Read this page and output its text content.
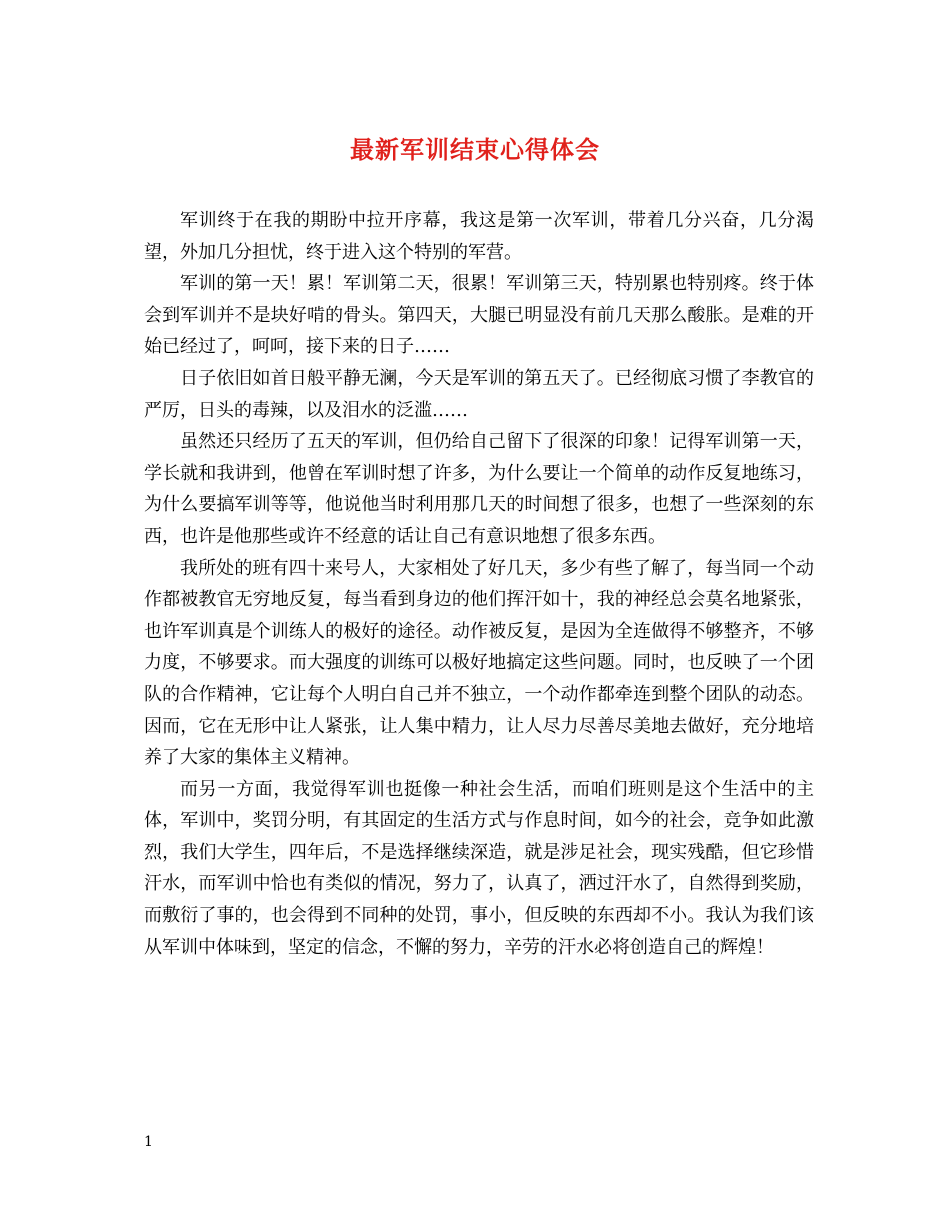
最新军训结束心得体会

军训终于在我的期盼中拉开序幕，我这是第一次军训，带着几分兴奋，几分渴望，外加几分担忧，终于进入这个特别的军营。

军训的第一天！累！军训第二天，很累！军训第三天，特别累也特别疼。终于体会到军训并不是块好啃的骨头。第四天，大腿已明显没有前几天那么酸胀。是难的开始已经过了，呵呵，接下来的日子……

日子依旧如首日般平静无澜，今天是军训的第五天了。已经彻底习惯了李教官的严厉，日头的毒辣，以及泪水的泛滥……

虽然还只经历了五天的军训，但仍给自己留下了很深的印象！记得军训第一天，学长就和我讲到，他曾在军训时想了许多，为什么要让一个简单的动作反复地练习，为什么要搞军训等等，他说他当时利用那几天的时间想了很多，也想了一些深刻的东西，也许是他那些或许不经意的话让自己有意识地想了很多东西。

我所处的班有四十来号人，大家相处了好几天，多少有些了解了，每当同一个动作都被教官无穷地反复，每当看到身边的他们挥汗如十，我的神经总会莫名地紧张，也许军训真是个训练人的极好的途径。动作被反复，是因为全连做得不够整齐，不够力度，不够要求。而大强度的训练可以极好地搞定这些问题。同时，也反映了一个团队的合作精神，它让每个人明白自己并不独立，一个动作都牵连到整个团队的动态。因而，它在无形中让人紧张，让人集中精力，让人尽力尽善尽美地去做好，充分地培养了大家的集体主义精神。

而另一方面，我觉得军训也挺像一种社会生活，而咱们班则是这个生活中的主体，军训中，奖罚分明，有其固定的生活方式与作息时间，如今的社会，竞争如此激烈，我们大学生，四年后，不是选择继续深造，就是涉足社会，现实残酷，但它珍惜汗水，而军训中恰也有类似的情况，努力了，认真了，洒过汗水了，自然得到奖励，而敷衍了事的，也会得到不同种的处罚，事小，但反映的东西却不小。我认为我们该从军训中体味到，坚定的信念，不懈的努力，辛劳的汗水必将创造自己的辉煌！

1
